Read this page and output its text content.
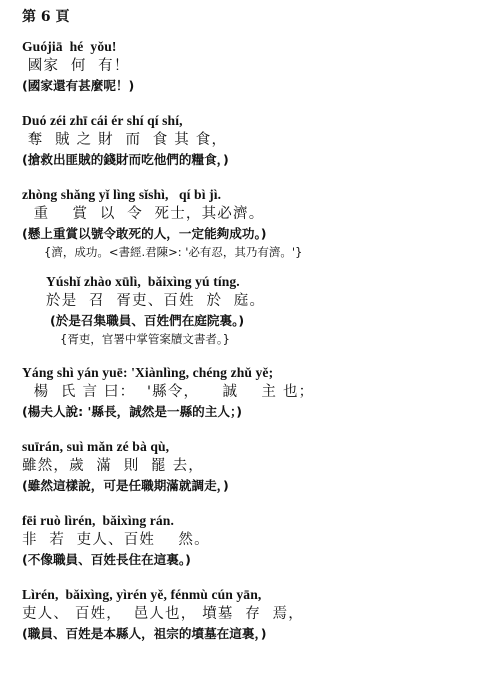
第 6 頁
Guójiā  hé  yǒu!
國家  何  有！
(國家還有甚麼呢！)
Duó zéi zhī cái ér shí qí shí,
奪  賊 之 財  而  食 其 食，
(搶救出匪賊的錢財而吃他們的糧食，)
zhòng shǎng yǐ lìng sǐshì,   qí bì jì.
重    賞  以  令  死士，其必濟。
(懸上重賞以號令敢死的人，一定能夠成功。)
{濟，成功。<書經.君陳>: '必有忍，其乃有濟。'}
Yúshǐ zhào xūlì,  bǎixìng yú tíng.
於是  召  胥吏、百姓  於  庭。
(於是召集職員、百姓們在庭院裏。)
{胥吏，官署中掌管案牘文書者。}
Yáng shì yán yuē: 'Xiànlìng, chéng zhǔ yě;
楊  氏 言 曰：  '縣令，    誠    主 也；
(楊夫人說: '縣長，誠然是一縣的主人；)
suīrán, suì mǎn zé bà qù,
雖然，歲  滿  則  罷 去，
(雖然這樣說，可是任職期滿就調走，)
fēi ruò lìrén,  bǎixìng rán.
非  若  吏人、百姓    然。
(不像職員、百姓長住在這裏。)
Lìrén,  bǎixìng, yìrén yě, fénmù cún yān,
吏人、 百姓，  邑人也， 墳墓  存  焉，
(職員、百姓是本縣人，祖宗的墳墓在這裏，)
